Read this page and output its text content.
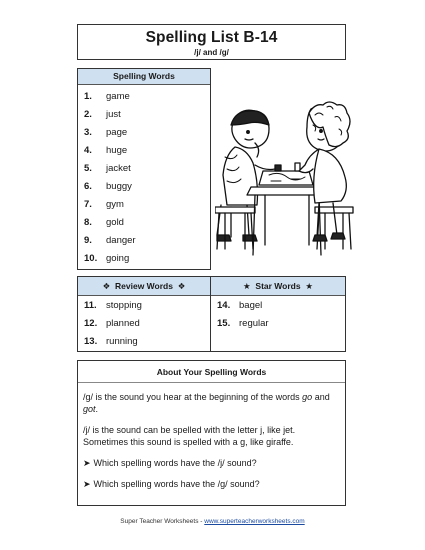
Spelling List B-14
/j/ and /g/
Spelling Words
1.	game
2.	just
3.	page
4.	huge
5.	jacket
6.	buggy
7.	gym
8.	gold
9.	danger
10. going
❖ Review Words ❖
11. stopping
12. planned
13. running
★ Star Words ★
14. bagel
15. regular
About Your Spelling Words

/g/ is the sound you hear at the beginning of the words go and got.

/j/ is the sound can be spelled with the letter j, like jet. Sometimes this sound is spelled with a g, like giraffe.

➤ Which spelling words have the /j/ sound?

➤ Which spelling words have the /g/ sound?

Super Teacher Worksheets - www.superteacherworksheets.com
